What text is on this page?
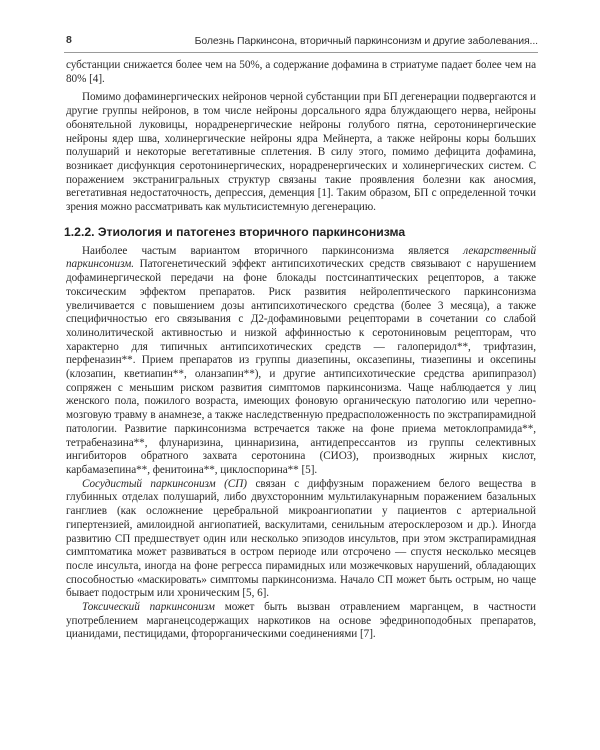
8	Болезнь Паркинсона, вторичный паркинсонизм и другие заболевания...

субстанции снижается более чем на 50%, а содержание дофамина в стриатуме падает более чем на 80% [4].

Помимо дофаминергических нейронов черной субстанции при БП дегенерации подвергаются и другие группы нейронов, в том числе нейроны дорсального ядра блуждающего нерва, нейроны обонятельной луковицы, норадренергические нейроны голубого пятна, серотонинергические нейроны ядер шва, холинергические нейроны ядра Мейнерта, а также нейроны коры больших полушарий и некоторые вегетативные сплетения. В силу этого, помимо дефицита дофамина, возникает дисфункция серотонинергических, норадренергических и холинергических систем. С поражением экстранигральных структур связаны такие проявления болезни как аносмия, вегетативная недостаточность, депрессия, деменция [1]. Таким образом, БП с определенной точки зрения можно рассматривать как мультисистемную дегенерацию.

1.2.2. Этиология и патогенез вторичного паркинсонизма

Наиболее частым вариантом вторичного паркинсонизма является лекарственный паркинсонизм. Патогенетический эффект антипсихотических средств связывают с нарушением дофаминергической передачи на фоне блокады постсинаптических рецепторов, а также токсическим эффектом препаратов. Риск развития нейролептического паркинсонизма увеличивается с повышением дозы антипсихотического средства (более 3 месяца), а также специфичностью его связывания с Д2-дофаминовыми рецепторами в сочетании со слабой холинолитической активностью и низкой аффинностью к серотониновым рецепторам, что характерно для типичных антипсихотических средств — галоперидол**, трифтазин, перфеназин**. Прием препаратов из группы диазепины, оксазепины, тиазепины и оксепины (клозапин, кветиапин**, оланзапин**), и другие антипсихотические средства арипипразол) сопряжен с меньшим риском развития симптомов паркинсонизма. Чаще наблюдается у лиц женского пола, пожилого возраста, имеющих фоновую органическую патологию или черепно-мозговую травму в анамнезе, а также наследственную предрасположенность по экстрапирамидной патологии. Развитие паркинсонизма встречается также на фоне приема метоклопрамида**, тетрабеназина**, флунаризина, циннаризина, антидепрессантов из группы селективных ингибиторов обратного захвата серотонина (СИОЗ), производных жирных кислот, карбамазепина**, фенитоина**, циклоспорина** [5].

Сосудистый паркинсонизм (СП) связан с диффузным поражением белого вещества в глубинных отделах полушарий, либо двухсторонним мультилакунарным поражением базальных ганглиев (как осложнение церебральной микроангиопатии у пациентов с артериальной гипертензией, амилоидной ангиопатией, васкулитами, сенильным атеросклерозом и др.). Иногда развитию СП предшествует один или несколько эпизодов инсультов, при этом экстрапирамидная симптоматика может развиваться в остром периоде или отсрочено — спустя несколько месяцев после инсульта, иногда на фоне регресса пирамидных или мозжечковых нарушений, обладающих способностью «маскировать» симптомы паркинсонизма. Начало СП может быть острым, но чаще бывает подострым или хроническим [5, 6].

Токсический паркинсонизм может быть вызван отравлением марганцем, в частности употреблением марганецсодержащих наркотиков на основе эфедриноподобных препаратов, цианидами, пестицидами, фторорганическими соединениями [7].
